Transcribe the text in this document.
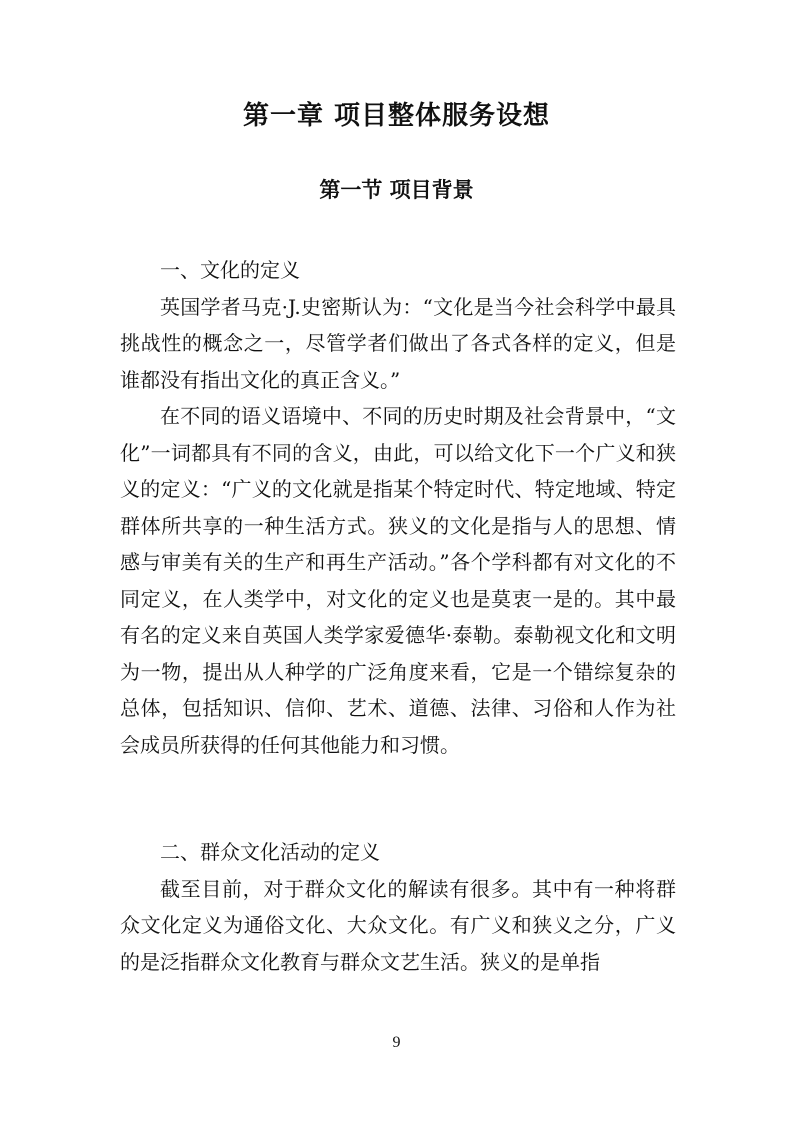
第一章 项目整体服务设想
第一节 项目背景

一、文化的定义

英国学者马克·J.史密斯认为：“文化是当今社会科学中最具挑战性的概念之一，尽管学者们做出了各式各样的定义，但是谁都没有指出文化的真正含义。”

在不同的语义语境中、不同的历史时期及社会背景中，“文化”一词都具有不同的含义，由此，可以给文化下一个广义和狭义的定义：“广义的文化就是指某个特定时代、特定地域、特定群体所共享的一种生活方式。狭义的文化是指与人的思想、情感与审美有关的生产和再生产活动。”各个学科都有对文化的不同定义，在人类学中，对文化的定义也是莫衷一是的。其中最有名的定义来自英国人类学家爱德华·泰勒。泰勒视文化和文明为一物，提出从人种学的广泛角度来看，它是一个错综复杂的总体，包括知识、信仰、艺术、道德、法律、习俗和人作为社会成员所获得的任何其他能力和习惯。

二、群众文化活动的定义

截至目前，对于群众文化的解读有很多。其中有一种将群众文化定义为通俗文化、大众文化。有广义和狭义之分，广义的是泛指群众文化教育与群众文艺生活。狭义的是单指

9
